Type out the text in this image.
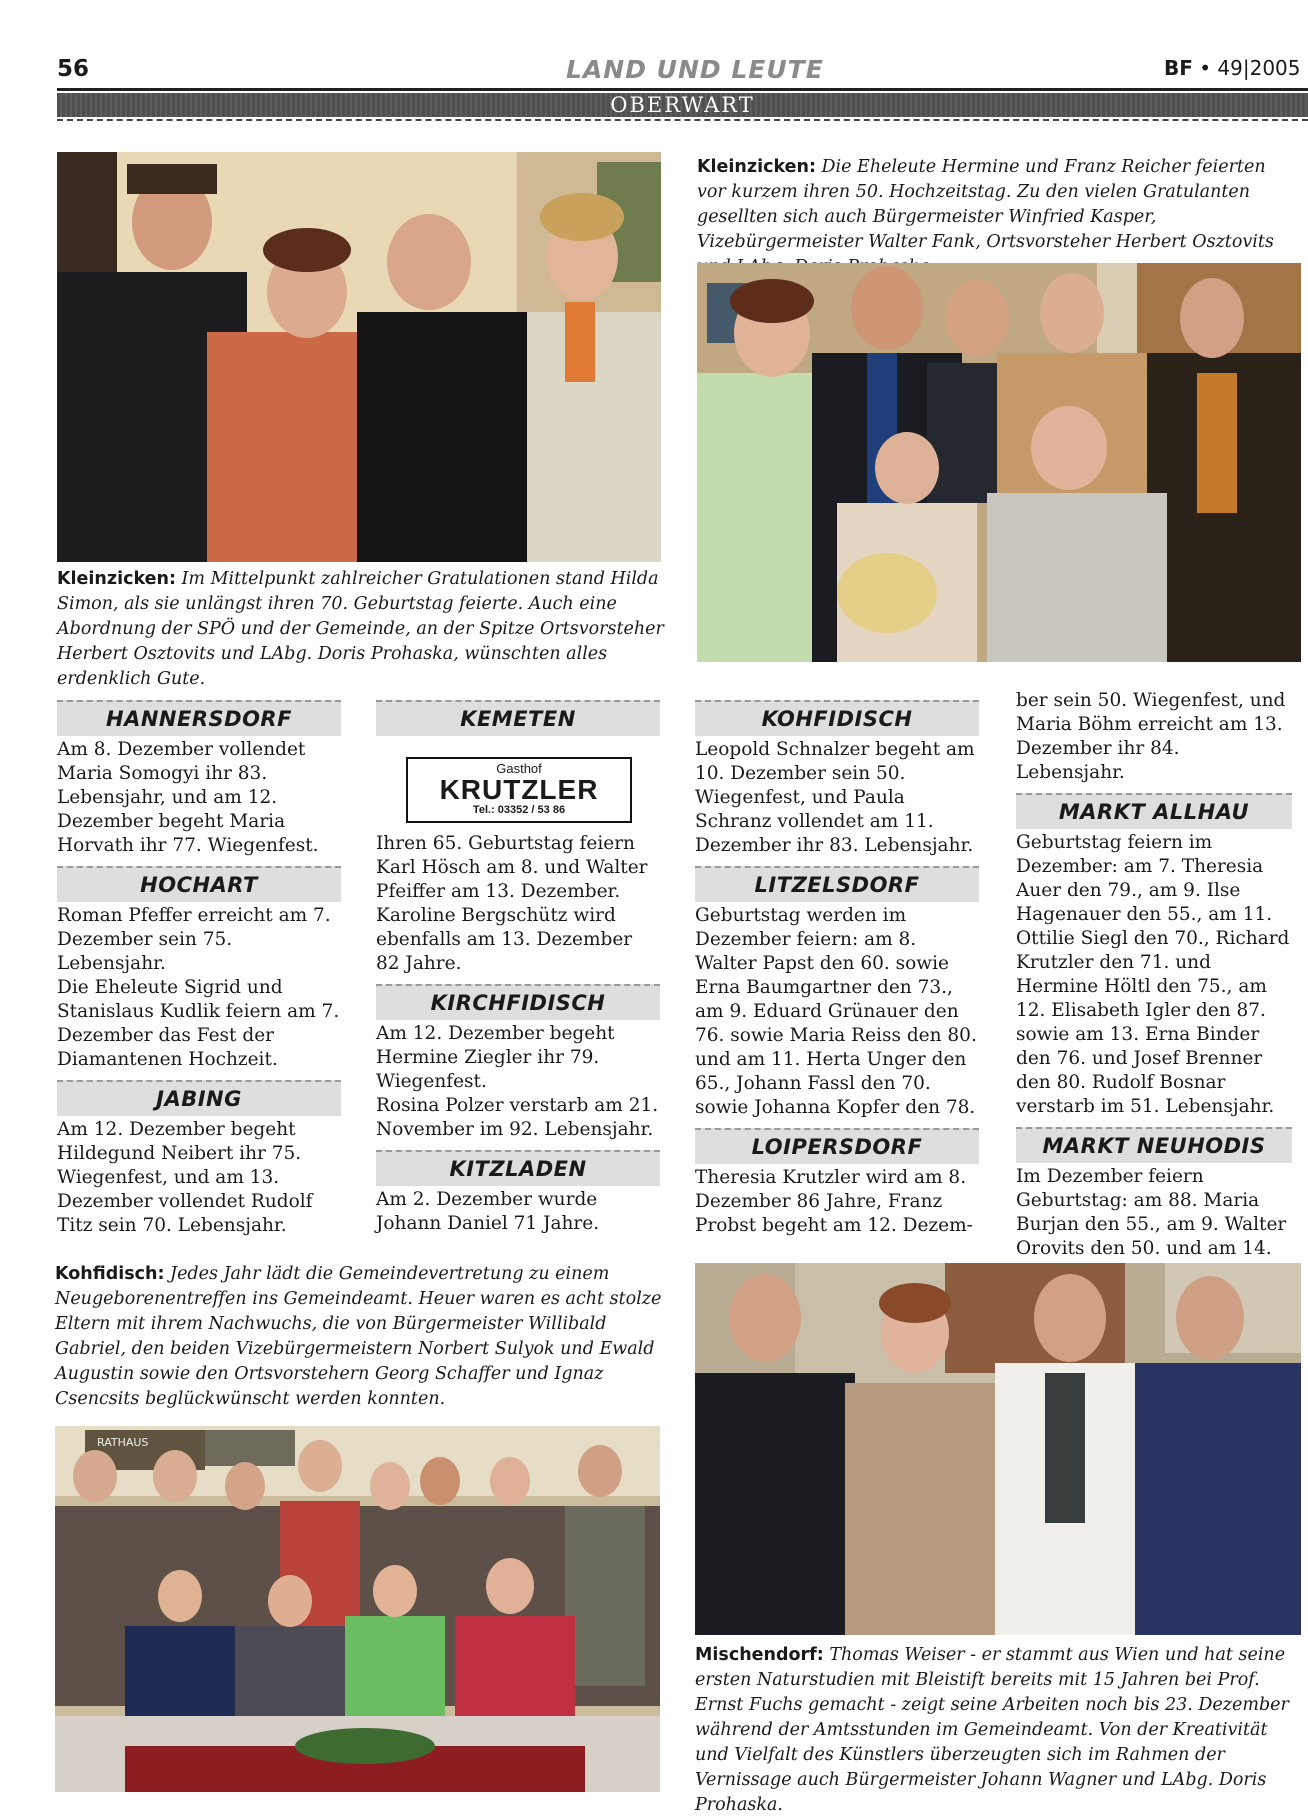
56	LAND UND LEUTE	BF • 49|2005
OBERWART
Kleinzicken: Im Mittelpunkt zahlreicher Gratulationen stand Hilda Simon, als sie unlängst ihren 70. Geburtstag feierte. Auch eine Abordnung der SPÖ und der Gemeinde, an der Spitze Ortsvorsteher Herbert Osztovits und LAbg. Doris Prohaska, wünschten alles erdenklich Gute.
Kleinzicken: Die Eheleute Hermine und Franz Reicher feierten vor kurzem ihren 50. Hochzeitstag. Zu den vielen Gratulanten gesellten sich auch Bürgermeister Winfried Kasper, Vizebürgermeister Walter Fank, Ortsvorsteher Herbert Osztovits
HANNERSDORF

Am 8. Dezember vollendet Maria Somogyi ihr 83. Lebensjahr, und am 12. Dezember begeht Maria Horvath ihr 77. Wiegenfest.

HOCHART

Roman Pfeffer erreicht am 7. Dezember sein 75. Lebensjahr.

Die Eheleute Sigrid und Stanislaus Kudlik feiern am 7. Dezember das Fest der Diamantenen Hochzeit.

JABING

Am 12. Dezember begeht Hildegund Neibert ihr 75. Wiegenfest, und am 13. Dezember vollendet Rudolf Titz sein 70. Lebensjahr.

KEMETEN
Gasthof
KRUTZLER
Tel.: 03352 / 53 86

Ihren 65. Geburtstag feiern Karl Hösch am 8. und Walter Pfeiffer am 13. Dezember. Karoline Bergschütz wird ebenfalls am 13. Dezember 82 Jahre.

KIRCHFIDISCH

Am 12. Dezember begeht Hermine Ziegler ihr 79. Wiegenfest.

Rosina Polzer verstarb am 21. November im 92. Lebensjahr.

KITZLADEN

Am 2. Dezember wurde Johann Daniel 71 Jahre.

KOHFIDISCH

Leopold Schnalzer begeht am 10. Dezember sein 50. Wiegenfest, und Paula Schranz vollendet am 11. Dezember ihr 83. Lebensjahr.

LITZELSDORF

Geburtstag werden im Dezember feiern: am 8. Walter Papst den 60. sowie Erna Baumgartner den 73., am 9. Eduard Grünauer den 76. sowie Maria Reiss den 80. und am 11. Herta Unger den 65., Johann Fassl den 70. sowie Johanna Kopfer den 78.

LOIPERSDORF

Theresia Krutzler wird am 8. Dezember 86 Jahre, Franz Probst begeht am 12. Dezem-

ber sein 50. Wiegenfest, und Maria Böhm erreicht am 13. Dezember ihr 84. Lebensjahr.

MARKT ALLHAU

Geburtstag feiern im Dezember: am 7. Theresia Auer den 79., am 9. Ilse Hagenauer den 55., am 11. Ottilie Siegl den 70., Richard Krutzler den 71. und Hermine Höltl den 75., am 12. Elisabeth Igler den 87. sowie am 13. Erna Binder den 76. und Josef Brenner den 80. Rudolf Bosnar verstarb im 51. Lebensjahr.

MARKT NEUHODIS

Im Dezember feiern Geburtstag: am 88. Maria Burjan den 55., am 9. Walter Orovits den 50. und am 14.

Kohfidisch: Jedes Jahr lädt die Gemeindevertretung zu einem Neugeborenentreffen ins Gemeindeamt. Heuer waren es acht stolze Eltern mit ihrem Nachwuchs, die von Bürgermeister Willibald Gabriel, den beiden Vizebürgermeistern Norbert Sulyok und Ewald Augustin sowie den Ortsvorstehern Georg Schaffer und Ignaz Csencsits beglückwünscht werden konnten.
RATHAUS
Mischendorf: Thomas Weiser - er stammt aus Wien und hat seine ersten Naturstudien mit Bleistift bereits mit 15 Jahren bei Prof. Ernst Fuchs gemacht - zeigt seine Arbeiten noch bis 23. Dezember während der Amtsstunden im Gemeindeamt. Von der Kreativität und Vielfalt des Künstlers überzeugten sich im Rahmen der Vernissage auch Bürgermeister Johann Wagner und LAbg. Doris Prohaska.
